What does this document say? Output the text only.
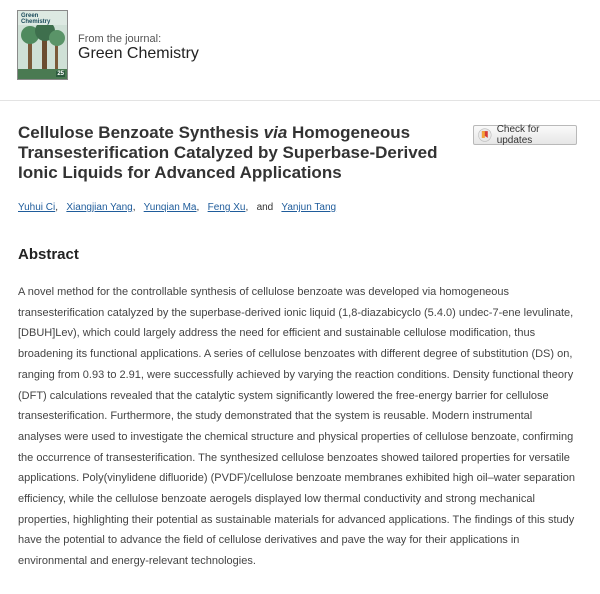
Green Chemistry
25
From the journal:
Green Chemistry
Cellulose Benzoate Synthesis via Homogeneous Transesterification Catalyzed by Superbase-Derived Ionic Liquids for Advanced Applications
Check for updates
Yuhui Ci, Xiangjian Yang, Yunqian Ma, Feng Xu, and Yanjun Tang
Abstract

A novel method for the controllable synthesis of cellulose benzoate was developed via homogeneous transesterification catalyzed by the superbase-derived ionic liquid (1,8-diazabicyclo (5.4.0) undec-7-ene levulinate, [DBUH]Lev), which could largely address the need for efficient and sustainable cellulose modification, thus broadening its functional applications. A series of cellulose benzoates with different degree of substitution (DS) on, ranging from 0.93 to 2.91, were successfully achieved by varying the reaction conditions. Density functional theory (DFT) calculations revealed that the catalytic system significantly lowered the free-energy barrier for cellulose transesterification. Furthermore, the study demonstrated that the system is reusable. Modern instrumental analyses were used to investigate the chemical structure and physical properties of cellulose benzoate, confirming the occurrence of transesterification. The synthesized cellulose benzoates showed tailored properties for versatile applications. Poly(vinylidene difluoride) (PVDF)/cellulose benzoate membranes exhibited high oil–water separation efficiency, while the cellulose benzoate aerogels displayed low thermal conductivity and strong mechanical properties, highlighting their potential as sustainable materials for advanced applications. The findings of this study have the potential to advance the field of cellulose derivatives and pave the way for their applications in environmental and energy-relevant technologies.
